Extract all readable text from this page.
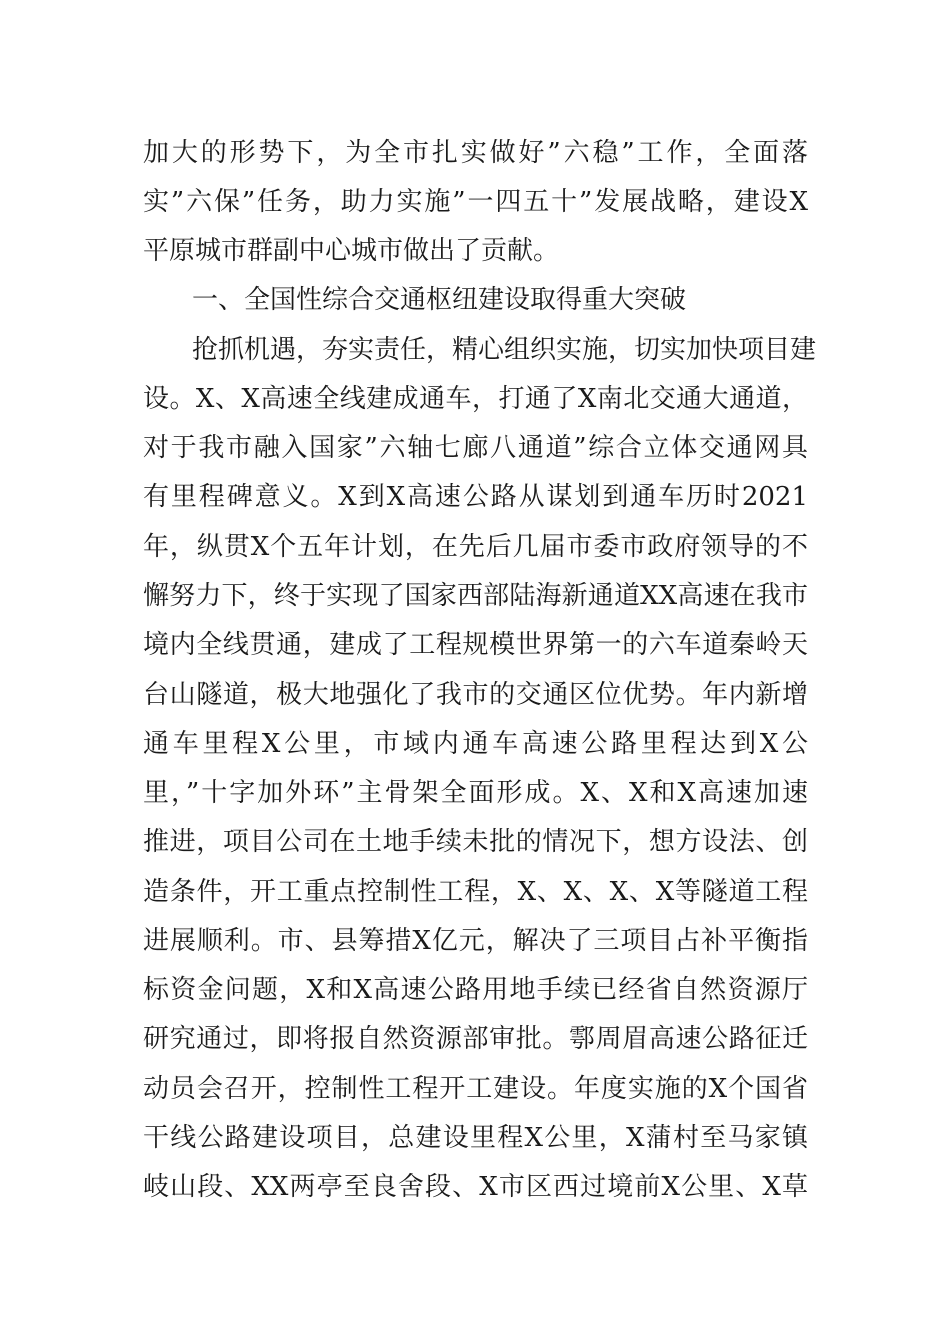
加大的形势下，为全市扎实做好”六稳”工作，全面落
实”六保”任务，助力实施”一四五十”发展战略，建设X
平原城市群副中心城市做出了贡献。
一、全国性综合交通枢纽建设取得重大突破
抢抓机遇，夯实责任，精心组织实施，切实加快项目建
设。X、X高速全线建成通车，打通了X南北交通大通道，
对于我市融入国家”六轴七廊八通道”综合立体交通网具
有里程碑意义。X到X高速公路从谋划到通车历时2021
年，纵贯X个五年计划，在先后几届市委市政府领导的不
懈努力下，终于实现了国家西部陆海新通道XX高速在我市
境内全线贯通，建成了工程规模世界第一的六车道秦岭天
台山隧道，极大地强化了我市的交通区位优势。年内新增
通车里程X公里，市域内通车高速公路里程达到X公
里，”十字加外环”主骨架全面形成。X、X和X高速加速
推进，项目公司在土地手续未批的情况下，想方设法、创
造条件，开工重点控制性工程，X、X、X、X等隧道工程
进展顺利。市、县筹措X亿元，解决了三项目占补平衡指
标资金问题，X和X高速公路用地手续已经省自然资源厅
研究通过，即将报自然资源部审批。鄠周眉高速公路征迁
动员会召开，控制性工程开工建设。年度实施的X个国省
干线公路建设项目，总建设里程X公里，X蒲村至马家镇
岐山段、XX两亭至良舍段、X市区西过境前X公里、X草
